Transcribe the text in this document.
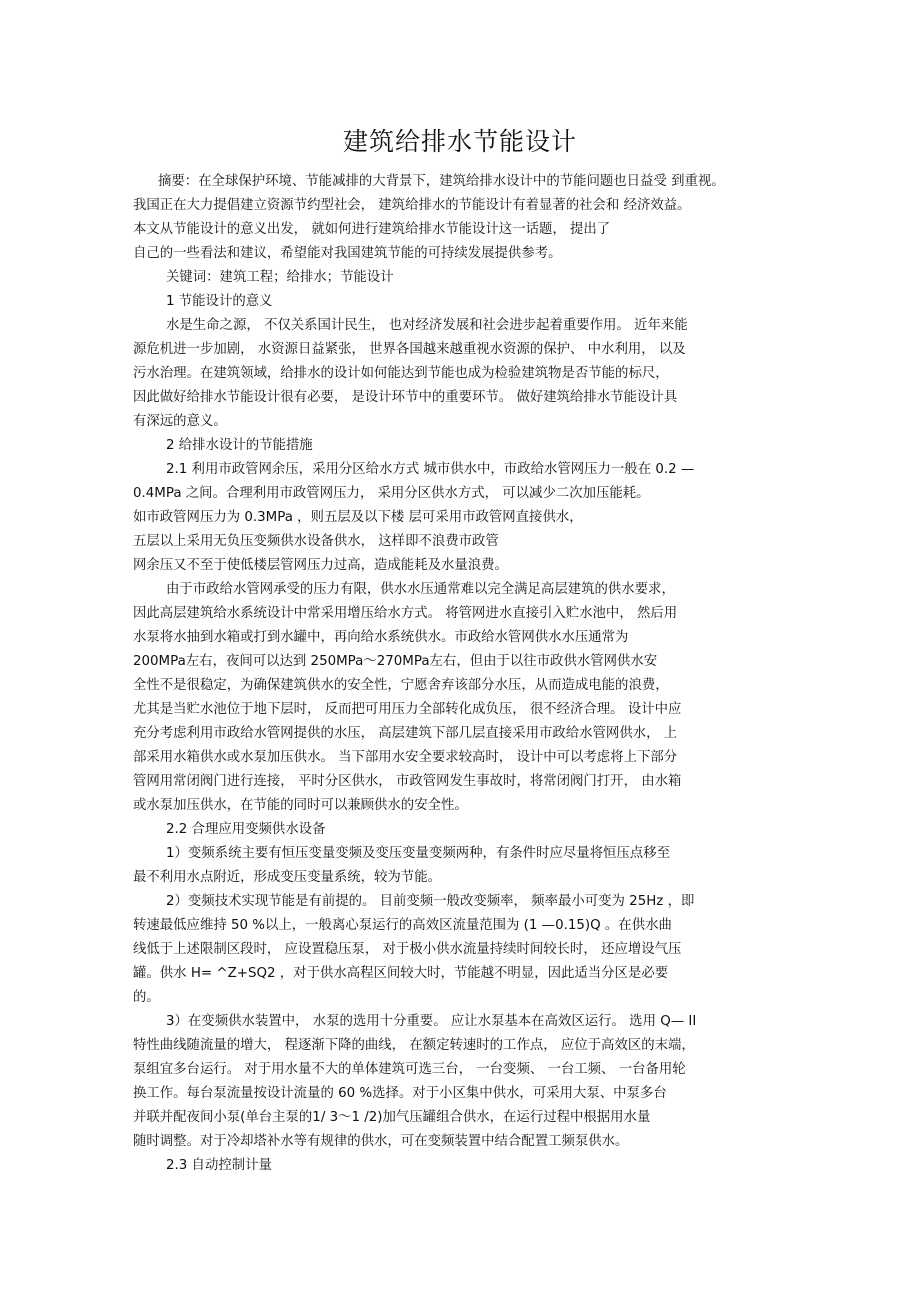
建筑给排水节能设计

摘要：在全球保护环境、节能减排的大背景下，建筑给排水设计中的节能问题也日益受 到重视。

我国正在大力提倡建立资源节约型社会， 建筑给排水的节能设计有着显著的社会和 经济效益。

本文从节能设计的意义出发， 就如何进行建筑给排水节能设计这一话题， 提出了

自己的一些看法和建议，希望能对我国建筑节能的可持续发展提供参考。

关键词：建筑工程；给排水；节能设计

1 节能设计的意义

水是生命之源， 不仅关系国计民生， 也对经济发展和社会进步起着重要作用。 近年来能

源危机进一步加剧， 水资源日益紧张， 世界各国越来越重视水资源的保护、 中水利用， 以及

污水治理。在建筑领域，给排水的设计如何能达到节能也成为检验建筑物是否节能的标尺，

因此做好给排水节能设计很有必要， 是设计环节中的重要环节。 做好建筑给排水节能设计具

有深远的意义。

2 给排水设计的节能措施

2.1 利用市政管网余压，采用分区给水方式 城市供水中，市政给水管网压力一般在 0.2 —

0.4MPa 之间。合理利用市政管网压力， 采用分区供水方式， 可以减少二次加压能耗。

如市政管网压力为 0.3MPa ，则五层及以下楼 层可采用市政管网直接供水，

五层以上采用无负压变频供水设备供水， 这样即不浪费市政管

网余压又不至于使低楼层管网压力过高，造成能耗及水量浪费。

由于市政给水管网承受的压力有限，供水水压通常难以完全满足高层建筑的供水要求，

因此高层建筑给水系统设计中常采用增压给水方式。 将管网进水直接引入贮水池中， 然后用

水泵将水抽到水箱或打到水罐中，再向给水系统供水。市政给水管网供水水压通常为

200MPa左右，夜间可以达到 250MPa〜270MPa左右，但由于以往市政供水管网供水安

全性不是很稳定，为确保建筑供水的安全性，宁愿舍弃该部分水压，从而造成电能的浪费，

尤其是当贮水池位于地下层时， 反而把可用压力全部转化成负压， 很不经济合理。 设计中应

充分考虑利用市政给水管网提供的水压， 高层建筑下部几层直接采用市政给水管网供水， 上

部采用水箱供水或水泵加压供水。 当下部用水安全要求较高时， 设计中可以考虑将上下部分

管网用常闭阀门进行连接， 平时分区供水， 市政管网发生事故时，将常闭阀门打开， 由水箱

或水泵加压供水，在节能的同时可以兼顾供水的安全性。

2.2 合理应用变频供水设备

1）变频系统主要有恒压变量变频及变压变量变频两种，有条件时应尽量将恒压点移至

最不利用水点附近，形成变压变量系统，较为节能。

2）变频技术实现节能是有前提的。 目前变频一般改变频率， 频率最小可变为 25Hz ，即

转速最低应维持 50 %以上，一般离心泵运行的高效区流量范围为 (1 —0.15)Q 。在供水曲

线低于上述限制区段时， 应设置稳压泵， 对于极小供水流量持续时间较长时， 还应增设气压

罐。供水 H= ^Z+SQ2 ，对于供水高程区间较大时，节能越不明显，因此适当分区是必要

的。

3）在变频供水装置中， 水泵的选用十分重要。 应让水泵基本在高效区运行。 选用 Q— II

特性曲线随流量的增大， 程逐渐下降的曲线， 在额定转速时的工作点， 应位于高效区的末端，

泵组宜多台运行。 对于用水量不大的单体建筑可选三台， 一台变频、 一台工频、 一台备用轮

换工作。每台泵流量按设计流量的 60 %选择。对于小区集中供水，可采用大泵、中泵多台

并联并配夜间小泵(单台主泵的1/ 3〜1 /2)加气压罐组合供水，在运行过程中根据用水量

随时调整。对于冷却塔补水等有规律的供水，可在变频装置中结合配置工频泵供水。

2.3 自动控制计量
